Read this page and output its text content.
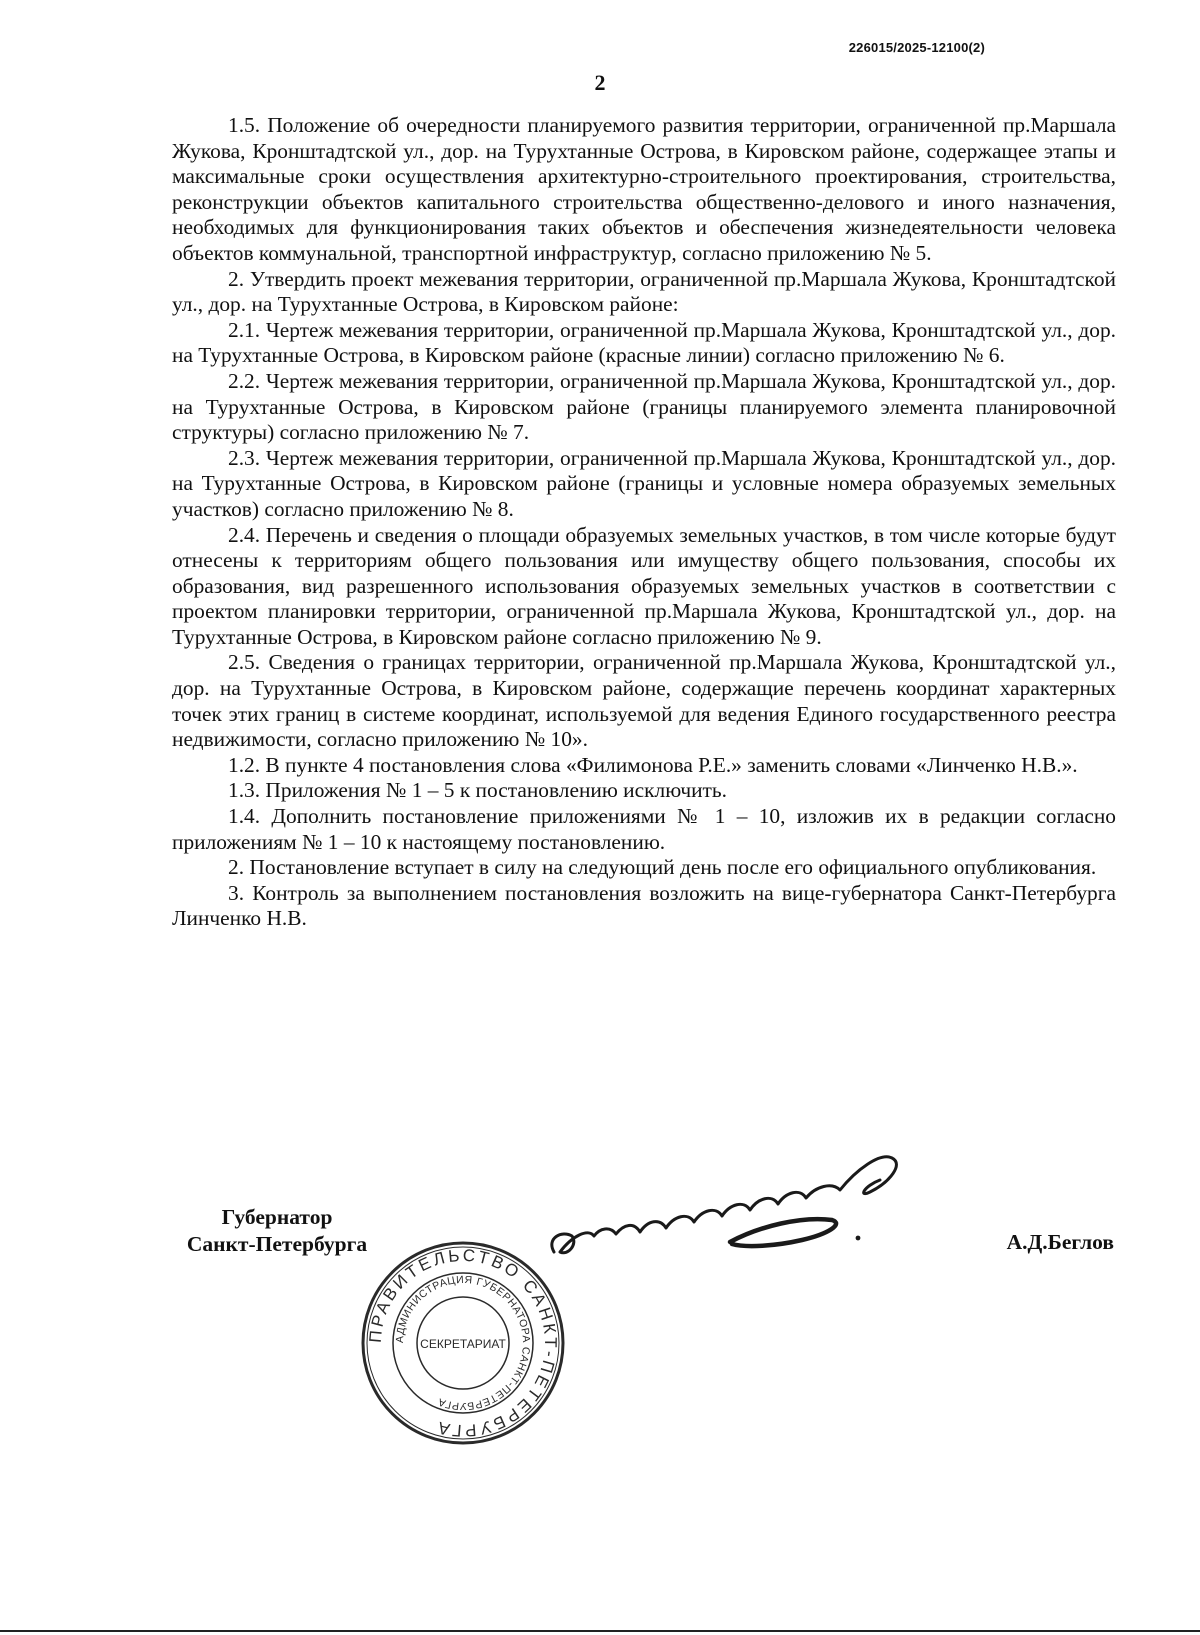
226015/2025-12100(2)
2

1.5. Положение об очередности планируемого развития территории, ограниченной пр.Маршала Жукова, Кронштадтской ул., дор. на Турухтанные Острова, в Кировском районе, содержащее этапы и максимальные сроки осуществления архитектурно-строительного проектирования, строительства, реконструкции объектов капитального строительства общественно-делового и иного назначения, необходимых для функционирования таких объектов и обеспечения жизнедеятельности человека объектов коммунальной, транспортной инфраструктур, согласно приложению № 5.

2. Утвердить проект межевания территории, ограниченной пр.Маршала Жукова, Кронштадтской ул., дор. на Турухтанные Острова, в Кировском районе:

2.1. Чертеж межевания территории, ограниченной пр.Маршала Жукова, Кронштадтской ул., дор. на Турухтанные Острова, в Кировском районе (красные линии) согласно приложению № 6.

2.2. Чертеж межевания территории, ограниченной пр.Маршала Жукова, Кронштадтской ул., дор. на Турухтанные Острова, в Кировском районе (границы планируемого элемента планировочной структуры) согласно приложению № 7.

2.3. Чертеж межевания территории, ограниченной пр.Маршала Жукова, Кронштадтской ул., дор. на Турухтанные Острова, в Кировском районе (границы и условные номера образуемых земельных участков) согласно приложению № 8.

2.4. Перечень и сведения о площади образуемых земельных участков, в том числе которые будут отнесены к территориям общего пользования или имуществу общего пользования, способы их образования, вид разрешенного использования образуемых земельных участков в соответствии с проектом планировки территории, ограниченной пр.Маршала Жукова, Кронштадтской ул., дор. на Турухтанные Острова, в Кировском районе согласно приложению № 9.

2.5. Сведения о границах территории, ограниченной пр.Маршала Жукова, Кронштадтской ул., дор. на Турухтанные Острова, в Кировском районе, содержащие перечень координат характерных точек этих границ в системе координат, используемой для ведения Единого государственного реестра недвижимости, согласно приложению № 10».

1.2. В пункте 4 постановления слова «Филимонова Р.Е.» заменить словами «Линченко Н.В.».

1.3. Приложения № 1 – 5 к постановлению исключить.

1.4. Дополнить постановление приложениями № 1 – 10, изложив их в редакции согласно приложениям № 1 – 10 к настоящему постановлению.

2. Постановление вступает в силу на следующий день после его официального опубликования.

3. Контроль за выполнением постановления возложить на вице-губернатора Санкт-Петербурга Линченко Н.В.

Губернатор
Санкт-Петербурга
ПРАВИТЕЛЬСТВО САНКТ-ПЕТЕРБУРГА
АДМИНИСТРАЦИЯ ГУБЕРНАТОРА САНКТ-ПЕТЕРБУРГА
СЕКРЕТАРИАТ
А.Д.Беглов
